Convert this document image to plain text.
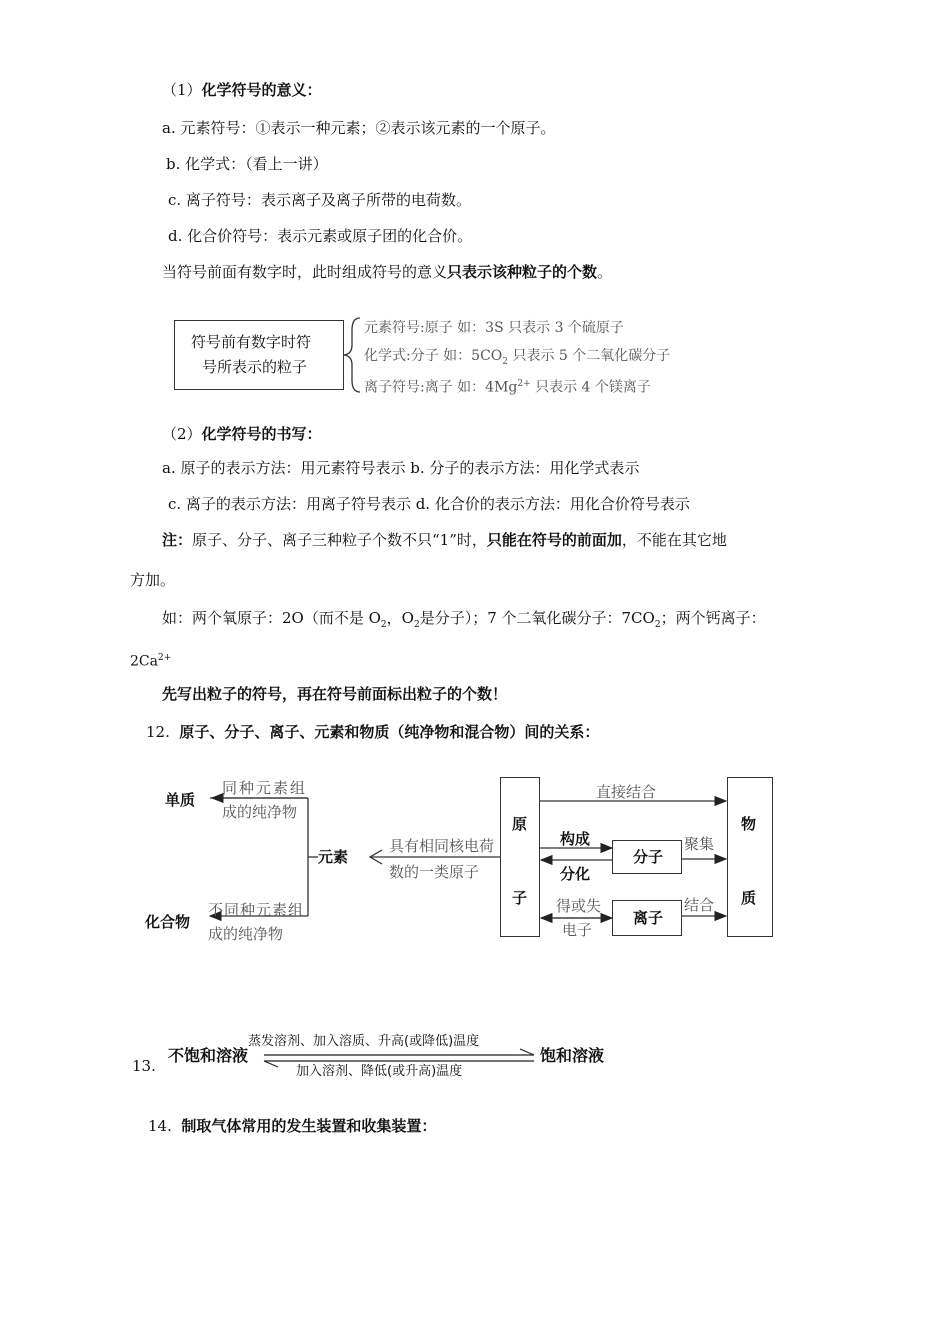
（1）化学符号的意义：
a. 元素符号：①表示一种元素；②表示该元素的一个原子。
b. 化学式：（看上一讲）
c. 离子符号：表示离子及离子所带的电荷数。
d. 化合价符号：表示元素或原子团的化合价。
当符号前面有数字时，此时组成符号的意义只表示该种粒子的个数。
符号前有数字时符
号所表示的粒子
元素符号:原子 如：3S 只表示 3 个硫原子
化学式:分子 如：$5CO_2$ 只表示 5 个二氧化碳分子
离子符号:离子 如：$4Mg^{2+}$ 只表示 4 个镁离子
（2）化学符号的书写：
a. 原子的表示方法：用元素符号表示 b. 分子的表示方法：用化学式表示
c. 离子的表示方法：用离子符号表示 d. 化合价的表示方法：用化合价符号表示
注：原子、分子、离子三种粒子个数不只“1”时，只能在符号的前面加，不能在其它地
方加。
如：两个氧原子：2O（而不是 $O_2$，$O_2$是分子）；7 个二氧化碳分子：$7CO_2$；两个钙离子：
$2Ca^{2+}$
先写出粒子的符号，再在符号前面标出粒子的个数！
12. 原子、分子、离子、元素和物质（纯净物和混合物）间的关系：
单质
同种元素组
成的纯净物
化合物
不同种元素组
成的纯净物
元素
具有相同核电荷
数的一类原子
原
子
直接结合
构成
分化
分子
聚集
得或失
电子
离子
结合
物
质
13.
不饱和溶液
蒸发溶剂、加入溶质、升高(或降低)温度
加入溶剂、降低(或升高)温度
饱和溶液
14. 制取气体常用的发生装置和收集装置：
